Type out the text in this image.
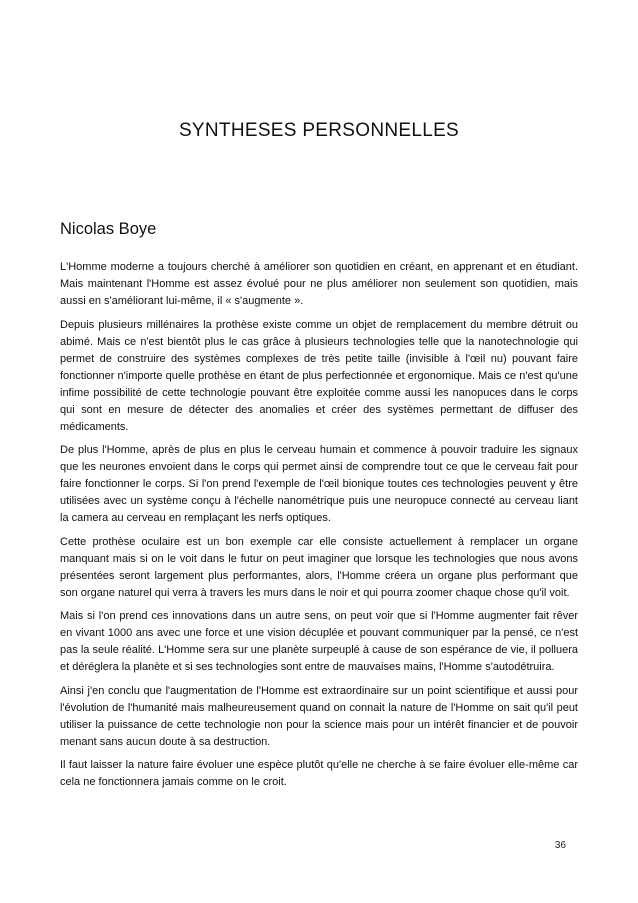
SYNTHESES PERSONNELLES
Nicolas Boye

L'Homme moderne a toujours cherché à améliorer son quotidien en créant, en apprenant et en étudiant. Mais maintenant l'Homme est assez évolué pour ne plus améliorer non seulement son quotidien, mais aussi en s'améliorant lui-même, il « s'augmente ».

Depuis plusieurs millénaires la prothèse existe comme un objet de remplacement du membre détruit ou abimé. Mais ce n'est bientôt plus le cas grâce à plusieurs technologies telle que la nanotechnologie qui permet de construire des systèmes complexes de très petite taille (invisible à l'œil nu) pouvant faire fonctionner n'importe quelle prothèse en étant de plus perfectionnée et ergonomique. Mais ce n'est qu'une infime possibilité de cette technologie pouvant être exploitée comme aussi les nanopuces dans le corps qui sont en mesure de détecter des anomalies et créer des systèmes permettant de diffuser des médicaments.

De plus l'Homme, après de plus en plus le cerveau humain et commence à pouvoir traduire les signaux que les neurones envoient dans le corps qui permet ainsi de comprendre tout ce que le cerveau fait pour faire fonctionner le corps. Si l'on prend l'exemple de l'œil bionique toutes ces technologies peuvent y être utilisées avec un système conçu à l'échelle nanométrique puis une neuropuce connecté au cerveau liant la camera au cerveau en remplaçant les nerfs optiques.

Cette prothèse oculaire est un bon exemple car elle consiste actuellement à remplacer un organe manquant mais si on le voit dans le futur on peut imaginer que lorsque les technologies que nous avons présentées seront largement plus performantes, alors, l'Homme créera un organe plus performant que son organe naturel qui verra à travers les murs dans le noir et qui pourra zoomer chaque chose qu'il voit.

Mais si l'on prend ces innovations dans un autre sens, on peut voir que si l'Homme augmenter fait rêver en vivant 1000 ans avec une force et une vision décuplée et pouvant communiquer par la pensé, ce n'est pas la seule réalité. L'Homme sera sur une planète surpeuplé à cause de son espérance de vie, il polluera et déréglera la planète et si ses technologies sont entre de mauvaises mains, l'Homme s'autodétruira.

Ainsi j'en conclu que l'augmentation de l'Homme est extraordinaire sur un point scientifique et aussi pour l'évolution de l'humanité mais malheureusement quand on connait la nature de l'Homme on sait qu'il peut utiliser la puissance de cette technologie non pour la science mais pour un intérêt financier et de pouvoir menant sans aucun doute à sa destruction.

Il faut laisser la nature faire évoluer une espèce plutôt qu'elle ne cherche à se faire évoluer elle-même car cela ne fonctionnera jamais comme on le croit.

36
